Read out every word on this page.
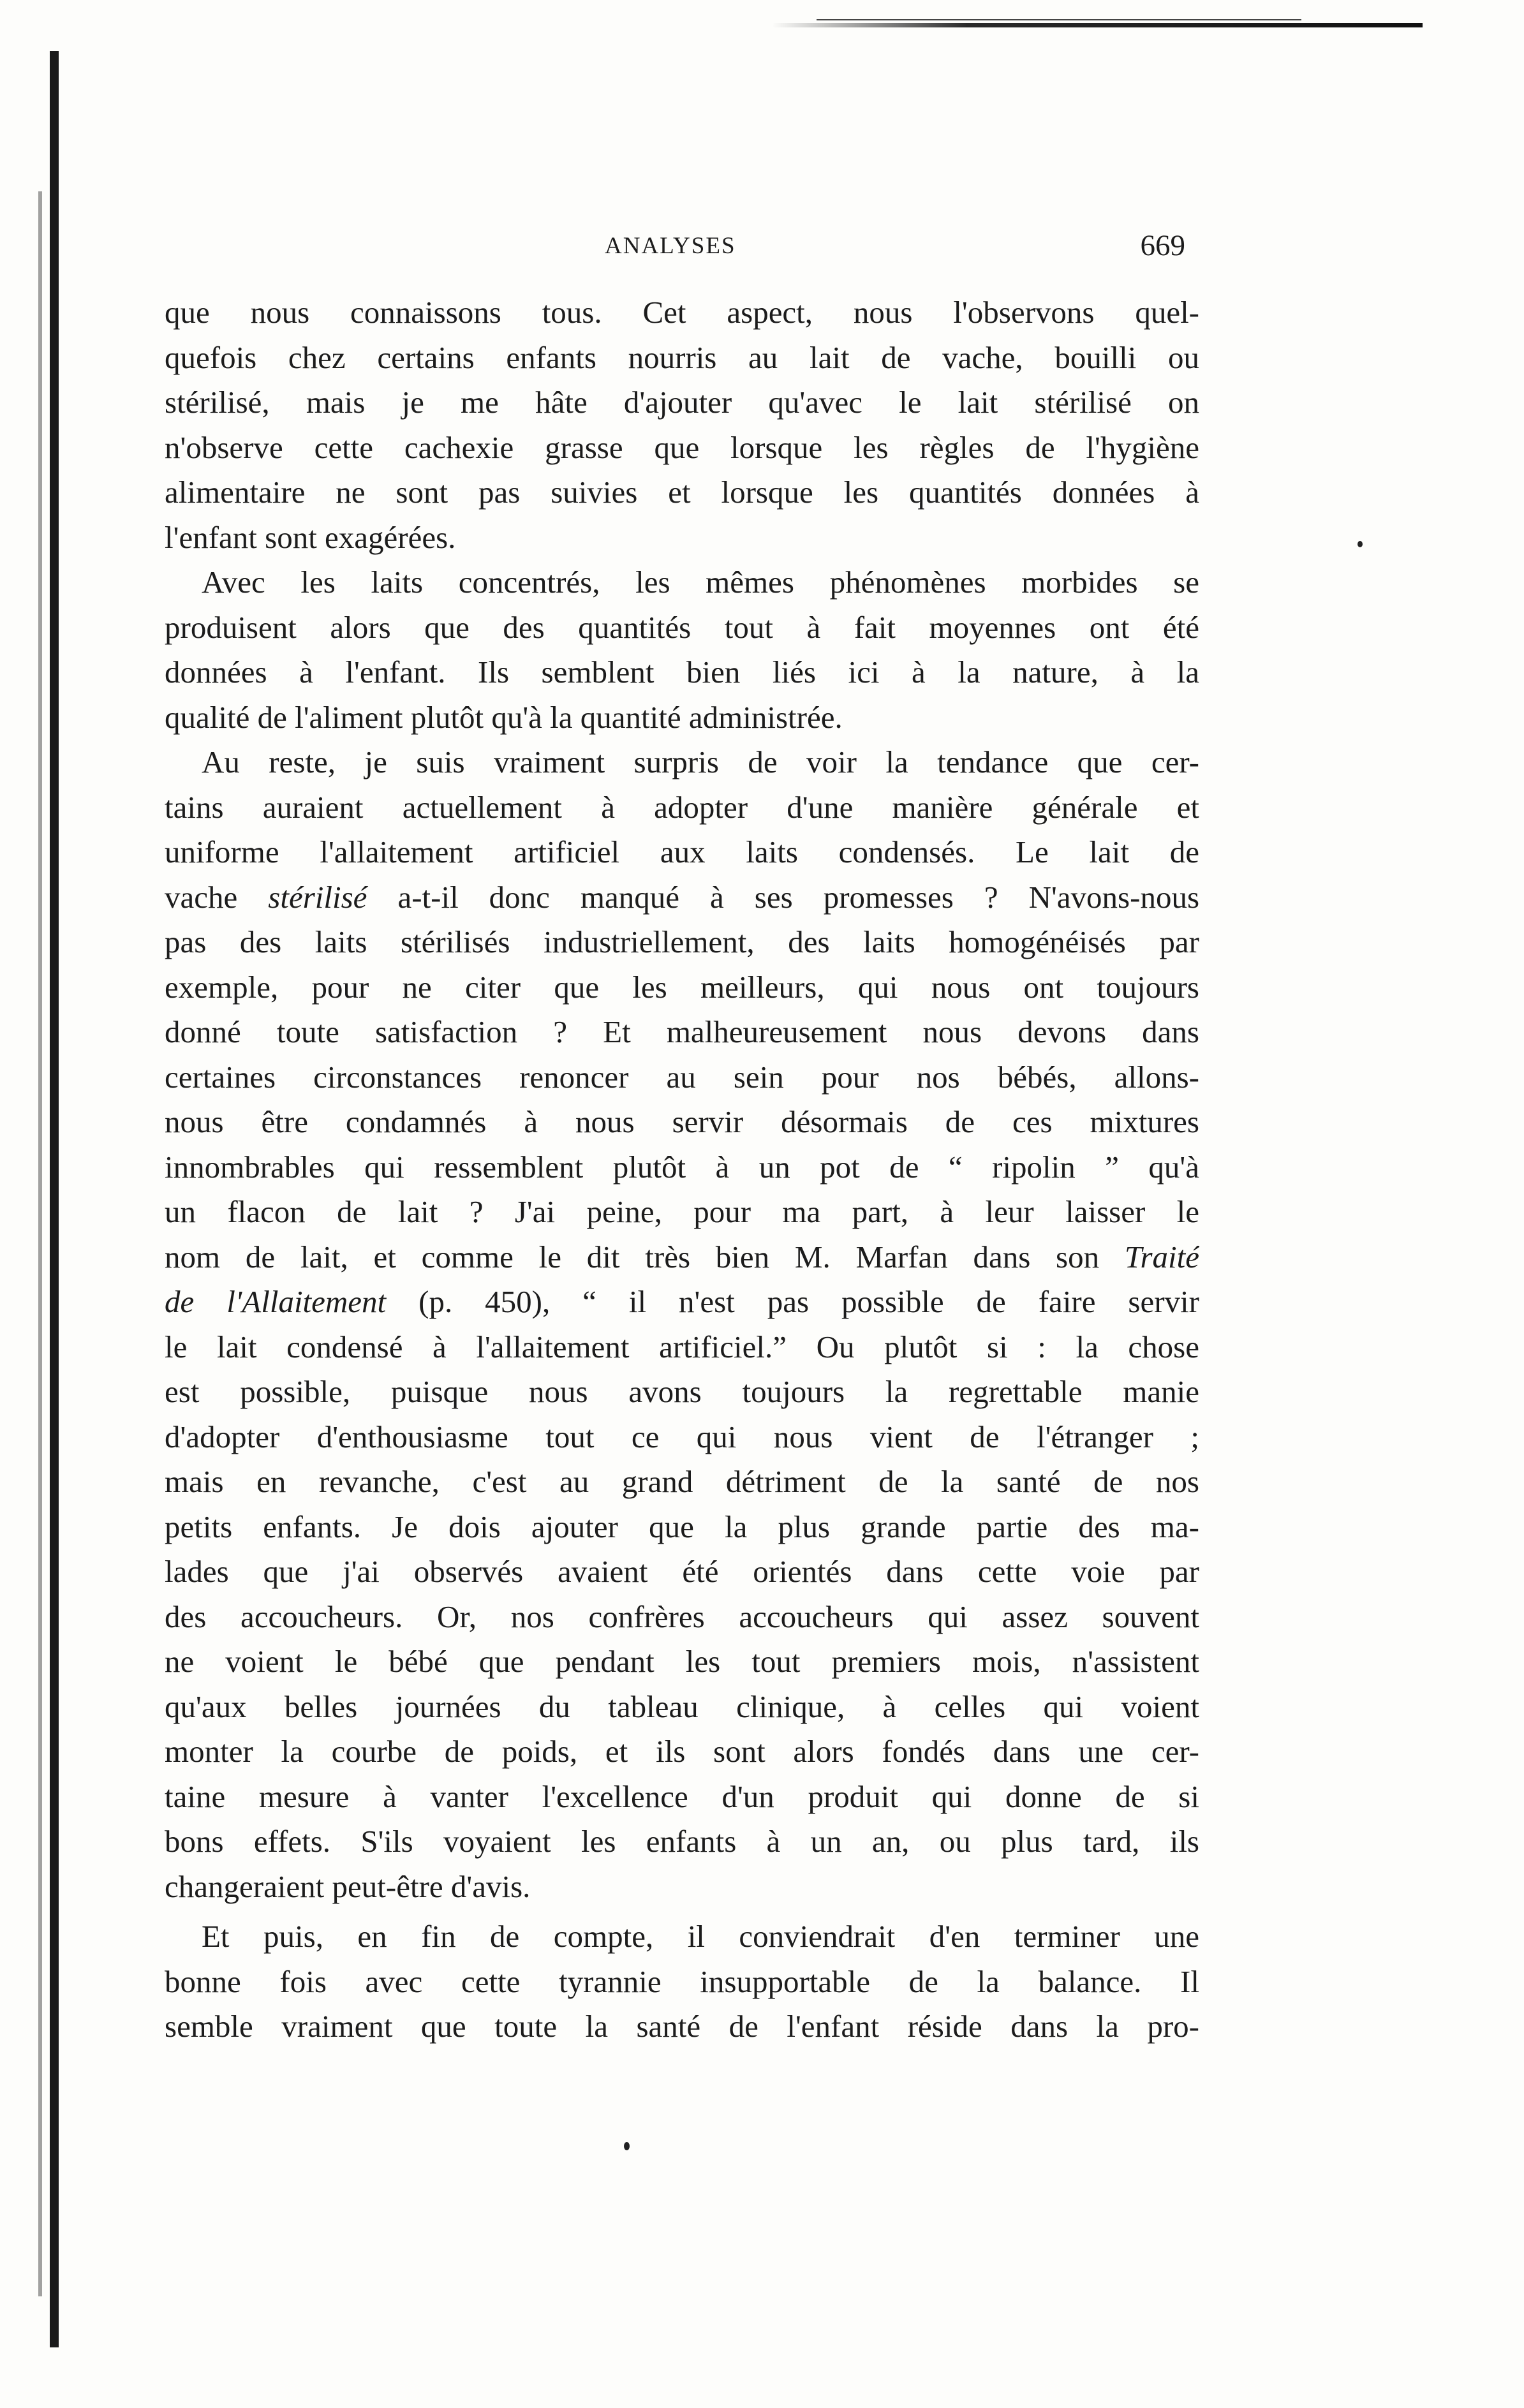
ANALYSES	669
que nous connaissons tous. Cet aspect, nous l'observons quel-
quefois chez certains enfants nourris au lait de vache, bouilli ou
stérilisé, mais je me hâte d'ajouter qu'avec le lait stérilisé on
n'observe cette cachexie grasse que lorsque les règles de l'hygiène
alimentaire ne sont pas suivies et lorsque les quantités données à
l'enfant sont exagérées.
Avec les laits concentrés, les mêmes phénomènes morbides se
produisent alors que des quantités tout à fait moyennes ont été
données à l'enfant. Ils semblent bien liés ici à la nature, à la
qualité de l'aliment plutôt qu'à la quantité administrée.
Au reste, je suis vraiment surpris de voir la tendance que cer-
tains auraient actuellement à adopter d'une manière générale et
uniforme l'allaitement artificiel aux laits condensés. Le lait de
vache stérilisé a-t-il donc manqué à ses promesses ? N'avons-nous
pas des laits stérilisés industriellement, des laits homogénéisés par
exemple, pour ne citer que les meilleurs, qui nous ont toujours
donné toute satisfaction ? Et malheureusement nous devons dans
certaines circonstances renoncer au sein pour nos bébés, allons-
nous être condamnés à nous servir désormais de ces mixtures
innombrables qui ressemblent plutôt à un pot de “ ripolin ” qu'à
un flacon de lait ? J'ai peine, pour ma part, à leur laisser le
nom de lait, et comme le dit très bien M. Marfan dans son Traité
de l'Allaitement (p. 450), “ il n'est pas possible de faire servir
le lait condensé à l'allaitement artificiel.” Ou plutôt si : la chose
est possible, puisque nous avons toujours la regrettable manie
d'adopter d'enthousiasme tout ce qui nous vient de l'étranger ;
mais en revanche, c'est au grand détriment de la santé de nos
petits enfants. Je dois ajouter que la plus grande partie des ma-
lades que j'ai observés avaient été orientés dans cette voie par
des accoucheurs. Or, nos confrères accoucheurs qui assez souvent
ne voient le bébé que pendant les tout premiers mois, n'assistent
qu'aux belles journées du tableau clinique, à celles qui voient
monter la courbe de poids, et ils sont alors fondés dans une cer-
taine mesure à vanter l'excellence d'un produit qui donne de si
bons effets. S'ils voyaient les enfants à un an, ou plus tard, ils
changeraient peut-être d'avis.
Et puis, en fin de compte, il conviendrait d'en terminer une
bonne fois avec cette tyrannie insupportable de la balance. Il
semble vraiment que toute la santé de l'enfant réside dans la pro-
